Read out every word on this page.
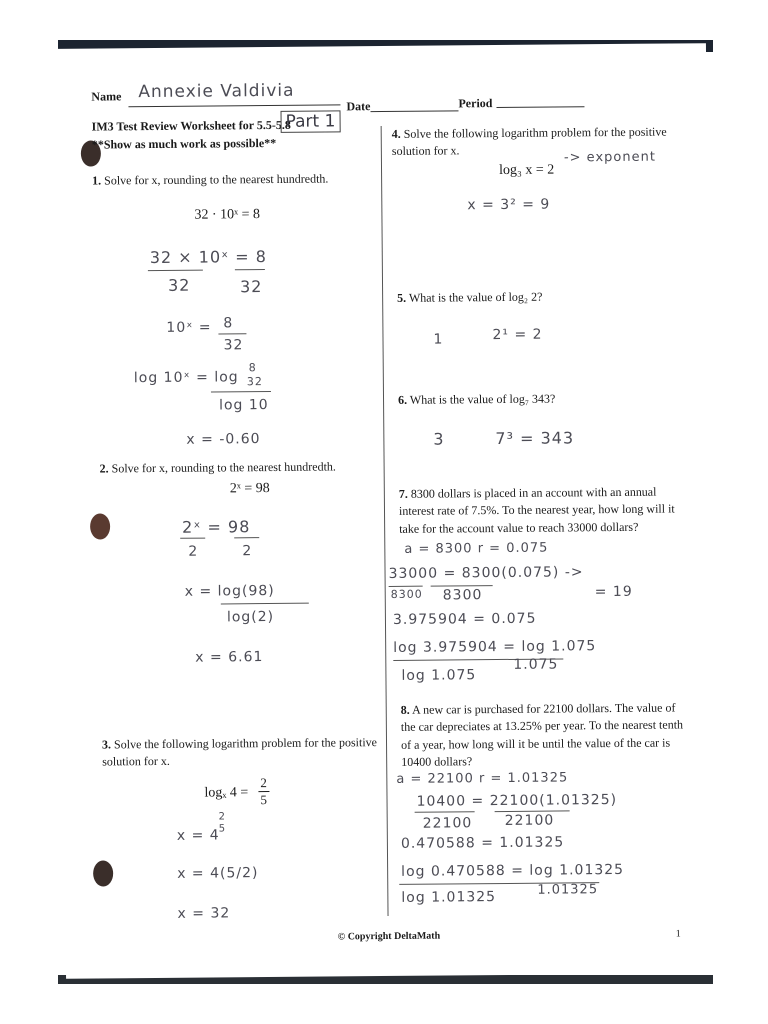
Name Annexie Valdivia
Date	Period
IM3 Test Review Worksheet for 5.5-5.8
Part 1
**Show as much work as possible**
1. Solve for x, rounding to the nearest hundredth.
32 · 10ˣ = 8
32 × 10ˣ = 8
32	32
10ˣ = 8
32
log 10ˣ = log
8
32
log 10
x = -0.60
2. Solve for x, rounding to the nearest hundredth.
2ˣ = 98
2ˣ = 98
2	2
x = log(98)
log(2)
x = 6.61
3. Solve the following logarithm problem for the positive
solution for x.
logₓ $4 = \frac{2}{5}$
x = 4
2
5
x = 4(5/2)
x = 32
4. Solve the following logarithm problem for the positive
solution for x.
log₃ x = 2
-> exponent
x = 3² = 9
5. What is the value of log₂ 2?
1	2¹ = 2
6. What is the value of log₇ 343?
3	7³ = 343
7. 8300 dollars is placed in an account with an annual
interest rate of 7.5%. To the nearest year, how long will it
take for the account value to reach 33000 dollars?
a = 8300 r = 0.075
33000 = 8300(0.075) ->
8300 8300	= 19
3.975904 = 0.075
log 3.975904 = log 1.075
log 1.075
1.075
8. A new car is purchased for 22100 dollars. The value of
the car depreciates at 13.25% per year. To the nearest tenth
of a year, how long will it be until the value of the car is
10400 dollars?
a = 22100 r = 1.01325
10400 = 22100(1.01325)
22100 22100
0.470588 = 1.01325
log 0.470588 = log 1.01325
log 1.01325	1.01325
© Copyright DeltaMath	1
